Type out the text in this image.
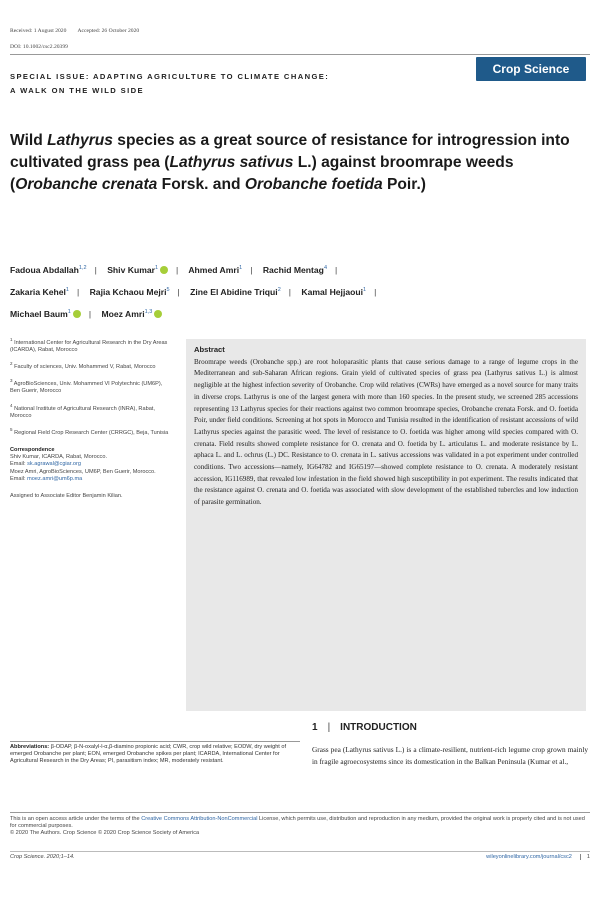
Received: 1 August 2020 Accepted: 26 October 2020
DOI: 10.1002/csc2.20399
SPECIAL ISSUE: ADAPTING AGRICULTURE TO CLIMATE CHANGE:
A WALK ON THE WILD SIDE
Crop Science
Wild Lathyrus species as a great source of resistance for introgression into cultivated grass pea (Lathyrus sativus L.) against broomrape weeds (Orobanche crenata Forsk. and Orobanche foetida Poir.)
Fadoua Abdallah$^{1,2}$ | Shiv Kumar$^1$ | Ahmed Amri$^1$ | Rachid Mentag$^4$ |
Zakaria Kehel$^1$ | Rajia Kchaou Mejri$^5$ | Zine El Abidine Triqui$^2$ | Kamal Hejjaoui$^1$ |
Michael Baum$^1$ | Moez Amri$^{1,3}$
$^1$ International Center for Agricultural Research in the Dry Areas (ICARDA), Rabat, Morocco
$^2$ Faculty of sciences, Univ. Mohammed V, Rabat, Morocco
$^3$ AgroBioSciences, Univ. Mohammed VI Polytechnic (UM6P), Ben Guerir, Morocco
$^4$ National Institute of Agricultural Research (INRA), Rabat, Morocco
$^5$ Regional Field Crop Research Center (CRRGC), Beja, Tunisia
Correspondence
Shiv Kumar, ICARDA, Rabat, Morocco.
Email: sk.agrawal@cgiar.org
Moez Amri, AgroBioSciences, UM6P, Ben Guerir, Morocco.
Email: moez.amri@um6p.ma
Assigned to Associate Editor Benjamin Kilian.
Abstract
Broomrape weeds (Orobanche spp.) are root holoparasitic plants that cause serious damage to a range of legume crops in the Mediterranean and sub-Saharan African regions. Grain yield of cultivated species of grass pea (Lathyrus sativus L.) is almost negligible at the highest infection severity of Orobanche. Crop wild relatives (CWRs) have emerged as a novel source for many traits in diverse crops. Lathyrus is one of the largest genera with more than 160 species. In the present study, we screened 285 accessions representing 13 Lathyrus species for their reactions against two common broomrape species, Orobanche crenata Forsk. and O. foetida Poir, under field conditions. Screening at hot spots in Morocco and Tunisia resulted in the identification of resistant accessions of wild Lathyrus species against the parasitic weed. The level of resistance to O. foetida was higher among wild species compared with O. crenata. Field results showed complete resistance for O. crenata and O. foetida by L. articulatus L. and moderate resistance by L. aphaca L. and L. ochrus (L.) DC. Resistance to O. crenata in L. sativus accessions was validated in a pot experiment under controlled conditions. Two accessions—namely, IG64782 and IG65197—showed complete resistance to O. crenata. A moderately resistant accession, IG116989, that revealed low infestation in the field showed high susceptibility in pot experiment. The results indicated that the resistance against O. crenata and O. foetida was associated with slow development of the established tubercles and low induction of parasite germination.
1 | INTRODUCTION
Grass pea (Lathyrus sativus L.) is a climate-resilient, nutrient-rich legume crop grown mainly in fragile agroecosystems since its domestication in the Balkan Peninsula (Kumar et al.,
Abbreviations: β-ODAP, β-N-oxalyl-l-α,β-diamino propionic acid; CWR, crop wild relative; EODW, dry weight of emerged Orobanche per plant; EON, emerged Orobanche spikes per plant; ICARDA, International Center for Agricultural Research in the Dry Areas; PI, parasitism index; MR, moderately resistant.
This is an open access article under the terms of the Creative Commons Attribution-NonCommercial License, which permits use, distribution and reproduction in any medium, provided the original work is properly cited and is not used for commercial purposes.
© 2020 The Authors. Crop Science © 2020 Crop Science Society of America
Crop Science. 2020;1–14.	wileyonlinelibrary.com/journal/csc2	1
